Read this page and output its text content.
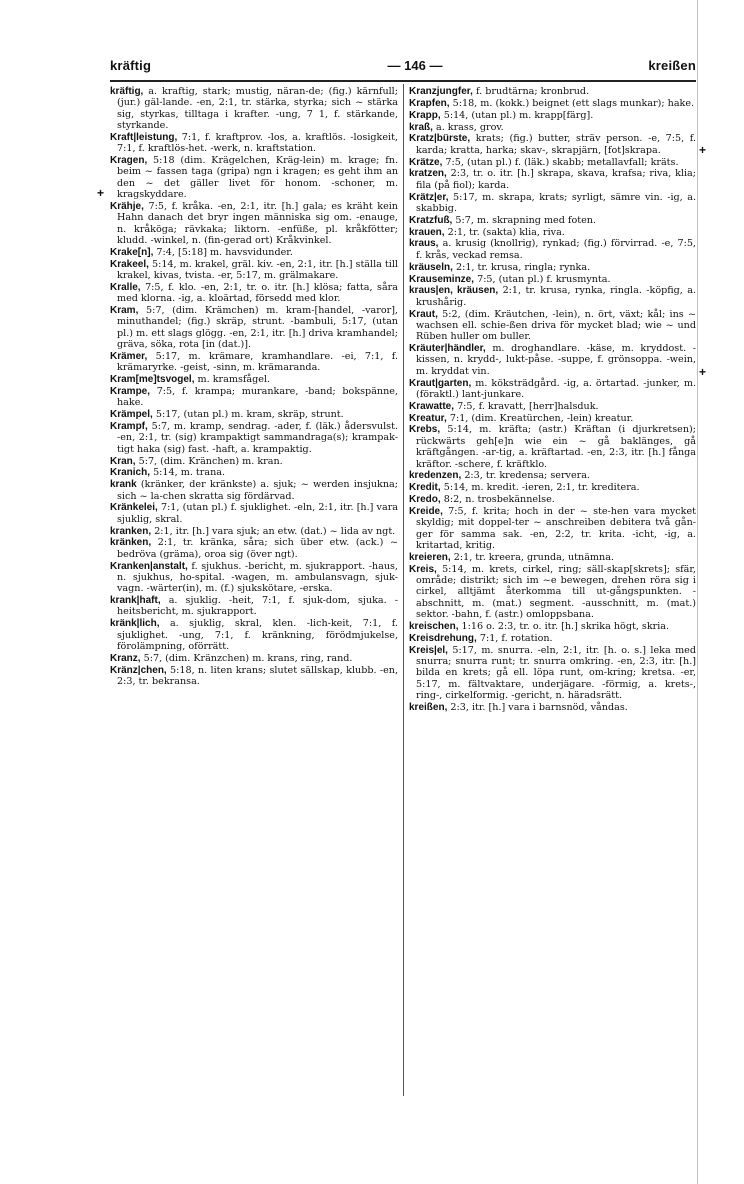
kräftig	— 146 —	kreißen

kräftig, a. kraftig, stark; mustig, näran-de; (fig.) kärnfull; (jur.) gäl-lande. -en, 2:1, tr. stärka, styrka; sich ~ stärka sig, styrkas, tilltaga i krafter. -ung, 7 1, f. stärkande, styrkande.

Kraft|leistung, 7:1, f. kraftprov. -los, a. kraftlös. -losigkeit, 7:1, f. kraftlös-het. -werk, n. kraftstation.

Kragen, 5:18 (dim. Krägelchen, Kräg-lein) m. krage; fn. beim ~ fassen taga (gripa) ngn i kragen; es geht ihm an den ~ det gäller livet för honom. -schoner, m. kragskyddare.

Krähje, 7:5, f. kråka. -en, 2:1, itr. [h.] gala; es kräht kein Hahn danach det bryr ingen människa sig om. -enauge, n. kråköga; rävkaka; liktorn. -enfüße, pl. kråkfötter; kludd. -winkel, n. (fin-gerad ort) Kråkvinkel.

Krake[n], 7:4, [5:18] m. havsvidunder.

Krakeel, 5:14, m. krakel, gräl. kiv. -en, 2:1, itr. [h.] ställa till krakel, kivas, tvista. -er, 5:17, m. grälmakare.

Kralle, 7:5, f. klo. -en, 2:1, tr. o. itr. [h.] klösa; fatta, såra med klorna. -ig, a. kloärtad, försedd med klor.

Kram, 5:7, (dim. Krämchen) m. kram-[handel, -varor], minuthandel; (fig.) skräp, strunt. -bambuli, 5:17, (utan pl.) m. ett slags glögg. -en, 2:1, itr. [h.] driva kramhandel; gräva, söka, rota [in (dat.)].

Krämer, 5:17, m. krämare, kramhandlare. -ei, 7:1, f. krämaryrke. -geist, -sinn, m. krämaranda.

Kram[me]tsvogel, m. kramsfågel.

Krampe, 7:5, f. krampa; murankare, -band; bokspänne, hake.

Krämpel, 5:17, (utan pl.) m. kram, skräp, strunt.

Krampf, 5:7, m. kramp, sendrag. -ader, f. (läk.) ådersvulst. -en, 2:1, tr. (sig) krampaktigt sammandraga(s); krampak-tigt haka (sig) fast. -haft, a. krampaktig.

Kran, 5:7, (dim. Kränchen) m. kran.

Kranich, 5:14, m. trana.

krank (kränker, der kränkste) a. sjuk; ~ werden insjukna; sich ~ la-chen skratta sig fördärvad.

Kränkelei, 7:1, (utan pl.) f. sjuklighet. -eln, 2:1, itr. [h.] vara sjuklig, skral.

kranken, 2:1, itr. [h.] vara sjuk; an etw. (dat.) ~ lida av ngt.

kränken, 2:1, tr. kränka, såra; sich über etw. (ack.) ~ bedröva (gräma), oroa sig (över ngt).

Kranken|anstalt, f. sjukhus. -bericht, m. sjukrapport. -haus, n. sjukhus, ho-spital. -wagen, m. ambulansvagn, sjuk-vagn. -wärter(in), m. (f.) sjukskötare, -erska.

krank|haft, a. sjuklig. -heit, 7:1, f. sjuk-dom, sjuka. -heitsbericht, m. sjukrapport.

kränk|lich, a. sjuklig, skral, klen. -lich-keit, 7:1, f. sjuklighet. -ung, 7:1, f. kränkning, förödmjukelse, förolämpning, oförrätt.

Kranz, 5:7, (dim. Kränzchen) m. krans, ring, rand.

Kränz|chen, 5:18, n. liten krans; slutet sällskap, klubb. -en, 2:3, tr. bekransa.

Kranzjungfer, f. brudtärna; kronbrud.

Krapfen, 5:18, m. (kokk.) beignet (ett slags munkar); hake.

Krapp, 5:14, (utan pl.) m. krapp[färg].

kraß, a. krass, grov.

Kratz|bürste, krats; (fig.) butter, sträv person. -e, 7:5, f. karda; kratta, harka; skav-, skrapjärn, [fot]skrapa.

Krätze, 7:5, (utan pl.) f. (läk.) skabb; metallavfall; kräts.

kratzen, 2:3, tr. o. itr. [h.] skrapa, skava, krafsa; riva, klia; fila (på fiol); karda.

Krätz|er, 5:17, m. skrapa, krats; syrligt, sämre vin. -ig, a. skabbig.

Kratzfuß, 5:7, m. skrapning med foten.

krauen, 2:1, tr. (sakta) klia, riva.

kraus, a. krusig (knollrig), rynkad; (fig.) förvirrad. -e, 7:5, f. krås, veckad remsa.

kräuseln, 2:1, tr. krusa, ringla; rynka.

Krauseminze, 7:5, (utan pl.) f. krusmynta.

kraus|en, kräusen, 2:1, tr. krusa, rynka, ringla. -köpfig, a. krushårig.

Kraut, 5:2, (dim. Kräutchen, -lein), n. ört, växt; kål; ins ~ wachsen ell. schie-ßen driva för mycket blad; wie ~ und Rüben huller om buller.

Kräuter|händler, m. droghandlare. -käse, m. kryddost. -kissen, n. krydd-, lukt-påse. -suppe, f. grönsoppa. -wein, m. kryddat vin.

Kraut|garten, m. köksträdgård. -ig, a. örtartad. -junker, m. (föraktl.) lant-junkare.

Krawatte, 7:5, f. kravatt, [herr]halsduk.

Kreatur, 7:1, (dim. Kreatürchen, -lein) kreatur.

Krebs, 5:14, m. kräfta; (astr.) Kräftan (i djurkretsen); rückwärts geh[e]n wie ein ~ gå baklänges, gå kräftgången. -ar-tig, a. kräftartad. -en, 2:3, itr. [h.] fånga kräftor. -schere, f. kräftklo.

kredenzen, 2:3, tr. kredensa; servera.

Kredit, 5:14, m. kredit. -ieren, 2:1, tr. kreditera.

Kredo, 8:2, n. trosbekännelse.

Kreide, 7:5, f. krita; hoch in der ~ ste-hen vara mycket skyldig; mit doppel-ter ~ anschreiben debitera två gån-ger för samma sak. -en, 2:2, tr. krita. -icht, -ig, a. kritartad, kritig.

kreieren, 2:1, tr. kreera, grunda, utnämna.

Kreis, 5:14, m. krets, cirkel, ring; säll-skap[skrets]; sfär, område; distrikt; sich im ~e bewegen, drehen röra sig i cirkel, alltjämt återkomma till ut-gångspunkten. -abschnitt, m. (mat.) segment. -ausschnitt, m. (mat.) sektor. -bahn, f. (astr.) omloppsbana.

kreischen, 1:16 o. 2:3, tr. o. itr. [h.] skrika högt, skria.

Kreisdrehung, 7:1, f. rotation.

Kreis|el, 5:17, m. snurra. -eln, 2:1, itr. [h. o. s.] leka med snurra; snurra runt; tr. snurra omkring. -en, 2:3, itr. [h.] bilda en krets; gå ell. löpa runt, om-kring; kretsa. -er, 5:17, m. fältvaktare, underjägare. -förmig, a. krets-, ring-, cirkelformig. -gericht, n. häradsrätt.

kreißen, 2:3, itr. [h.] vara i barnsnöd, våndas.

+
+
+
